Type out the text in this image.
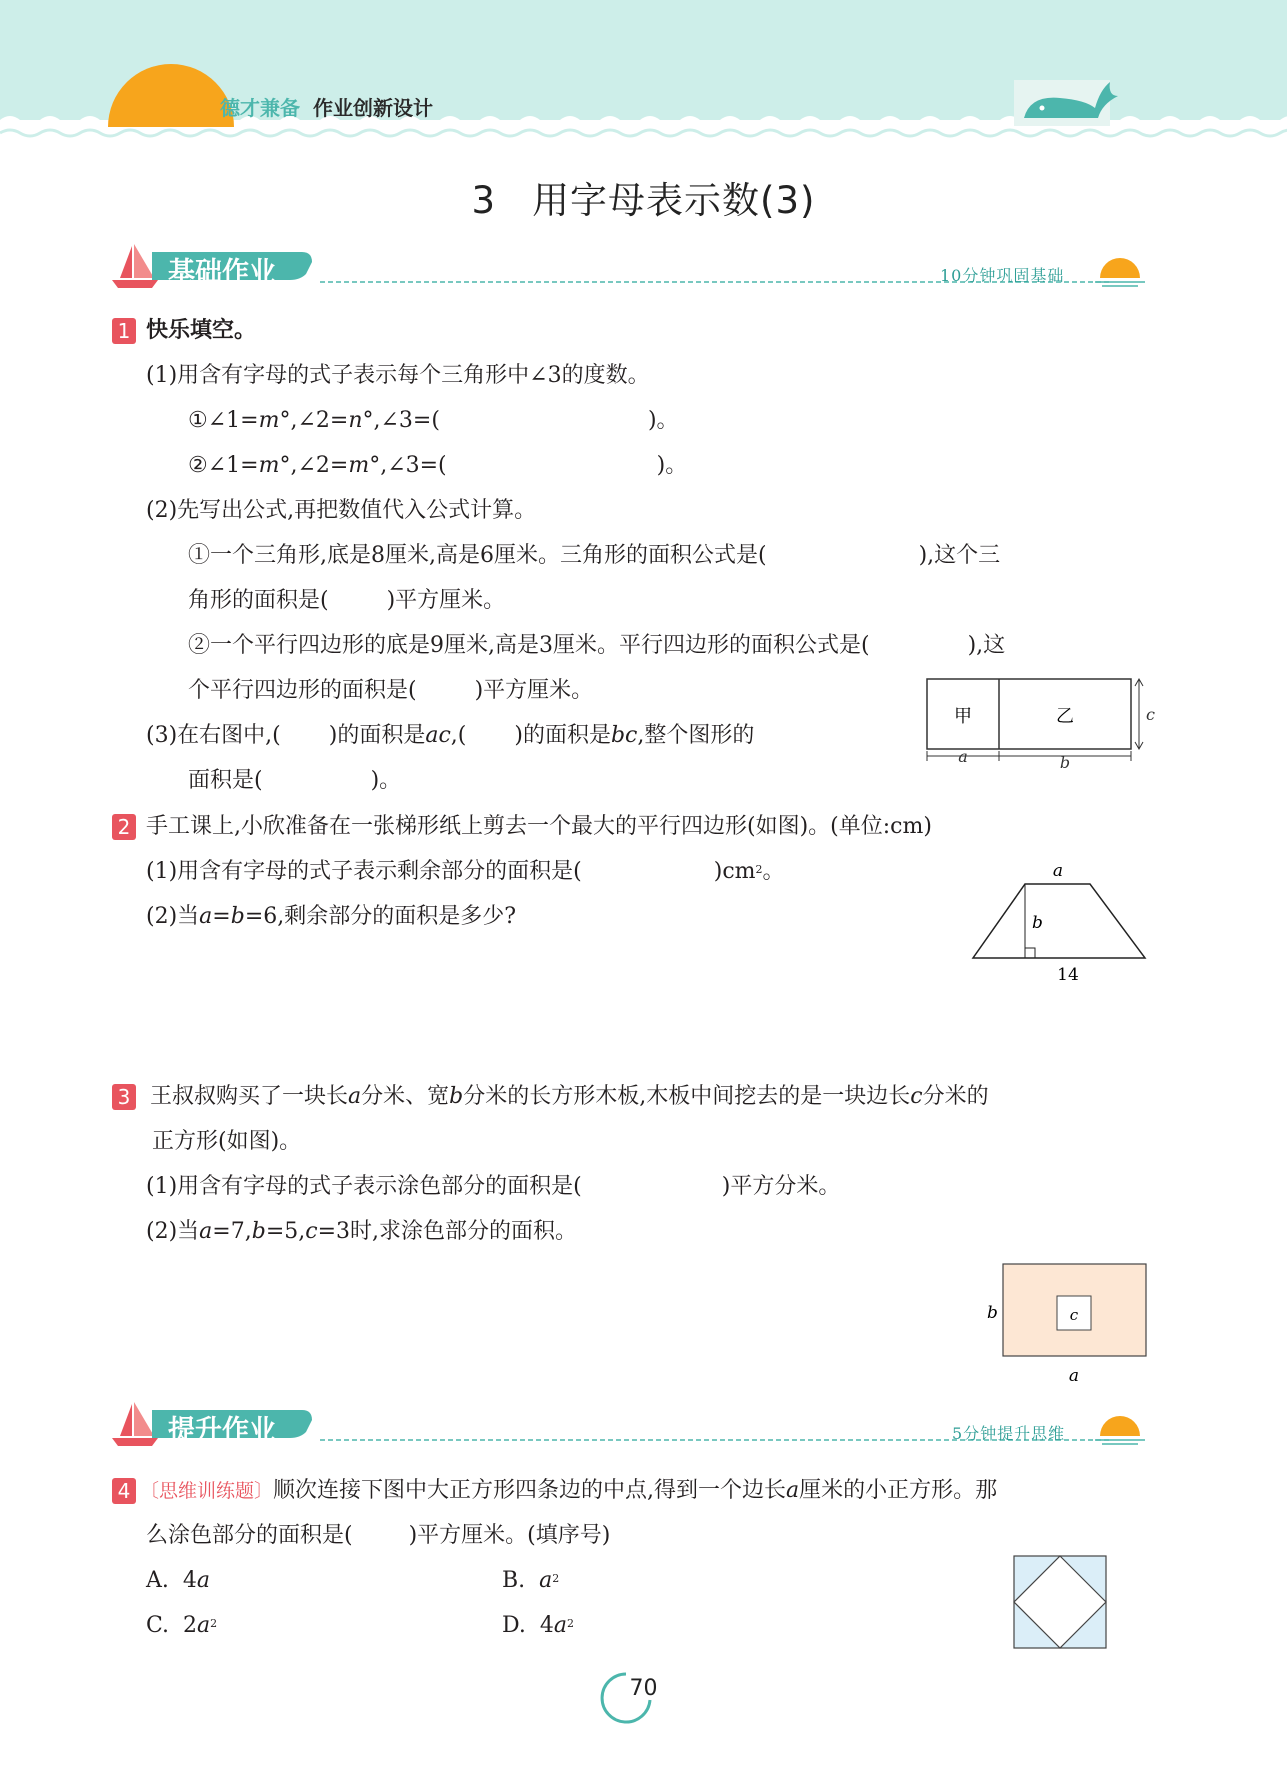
德才兼备 作业创新设计
3 用字母表示数(3)
基础作业	10分钟巩固基础
1 快乐填空。
(1)用含有字母的式子表示每个三角形中∠3的度数。
①∠1=m°,∠2=n°,∠3=(	)。
②∠1=m°,∠2=m°,∠3=(	)。
(2)先写出公式,再把数值代入公式计算。
①一个三角形,底是8厘米,高是6厘米。三角形的面积公式是(	),这个三
角形的面积是(	)平方厘米。
②一个平行四边形的底是9厘米,高是3厘米。平行四边形的面积公式是(	),这
个平行四边形的面积是(	)平方厘米。
(3)在右图中,( )的面积是ac,( )的面积是bc,整个图形的
面积是(	)。
甲	乙
a	b
c
2 手工课上,小欣准备在一张梯形纸上剪去一个最大的平行四边形(如图)。(单位:cm)
(1)用含有字母的式子表示剩余部分的面积是(	)$cm^2$。
(2)当a=b=6,剩余部分的面积是多少?
a
b
14
3 王叔叔购买了一块长a分米、宽b分米的长方形木板,木板中间挖去的是一块边长c分米的
正方形(如图)。
(1)用含有字母的式子表示涂色部分的面积是(	)平方分米。
(2)当a=7,b=5,c=3时,求涂色部分的面积。
c
b
a
提升作业	5分钟提升思维
4 〔思维训练题〕顺次连接下图中大正方形四条边的中点,得到一个边长a厘米的小正方形。那
么涂色部分的面积是(	)平方厘米。(填序号)
A. 4a	B. $a^2$
C. $2a^2$	D. $4a^2$
70
